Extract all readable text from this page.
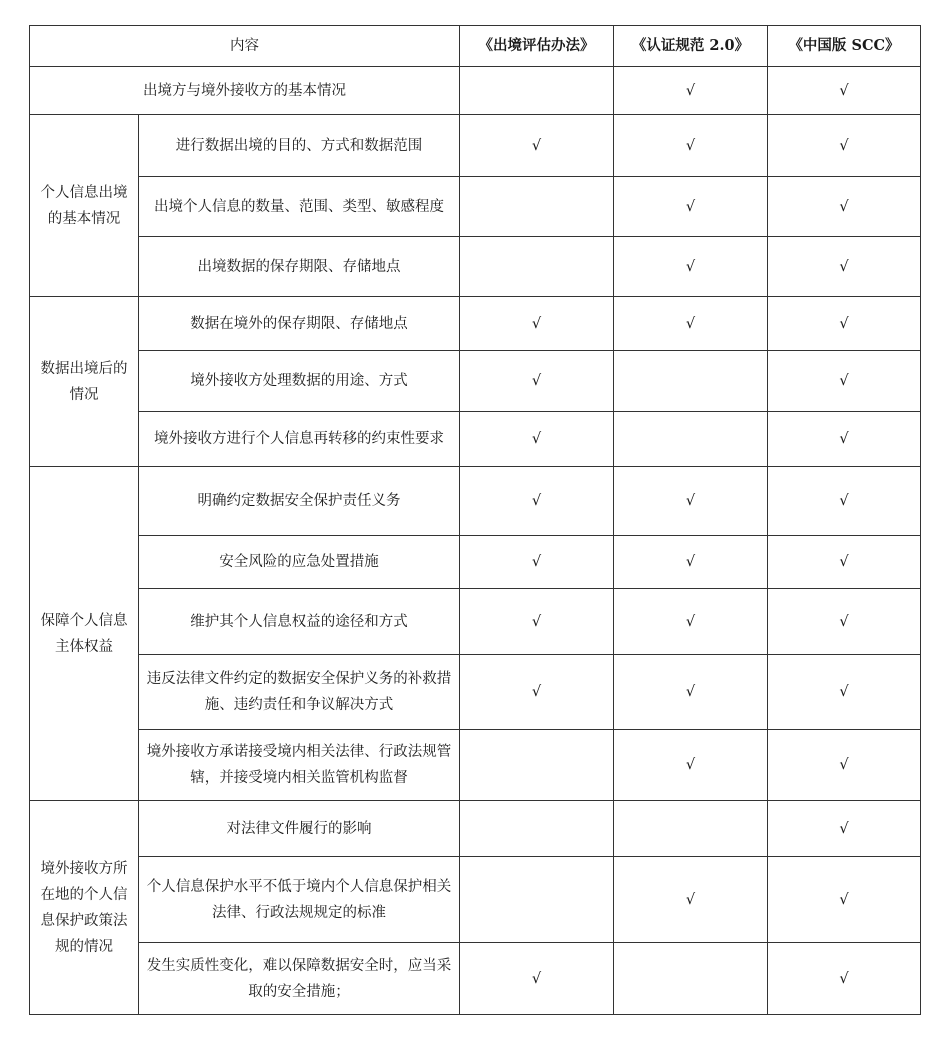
内容		《出境评估办法》	《认证规范 2.0》	《中国版 SCC》
出境方与境外接收方的基本情况			√	√
个人信息出境的基本情况	进行数据出境的目的、方式和数据范围	√	√	√
	出境个人信息的数量、范围、类型、敏感程度		√	√
	出境数据的保存期限、存储地点		√	√
数据出境后的情况	数据在境外的保存期限、存储地点	√	√	√
	境外接收方处理数据的用途、方式	√		√
	境外接收方进行个人信息再转移的约束性要求	√		√
保障个人信息主体权益	明确约定数据安全保护责任义务	√	√	√
	安全风险的应急处置措施	√	√	√
	维护其个人信息权益的途径和方式	√	√	√
	违反法律文件约定的数据安全保护义务的补救措施、违约责任和争议解决方式	√	√	√
	境外接收方承诺接受境内相关法律、行政法规管辖，并接受境内相关监管机构监督		√	√
境外接收方所在地的个人信息保护政策法规的情况	对法律文件履行的影响			√
	个人信息保护水平不低于境内个人信息保护相关法律、行政法规规定的标准		√	√
	发生实质性变化，难以保障数据安全时，应当采取的安全措施；	√		√
